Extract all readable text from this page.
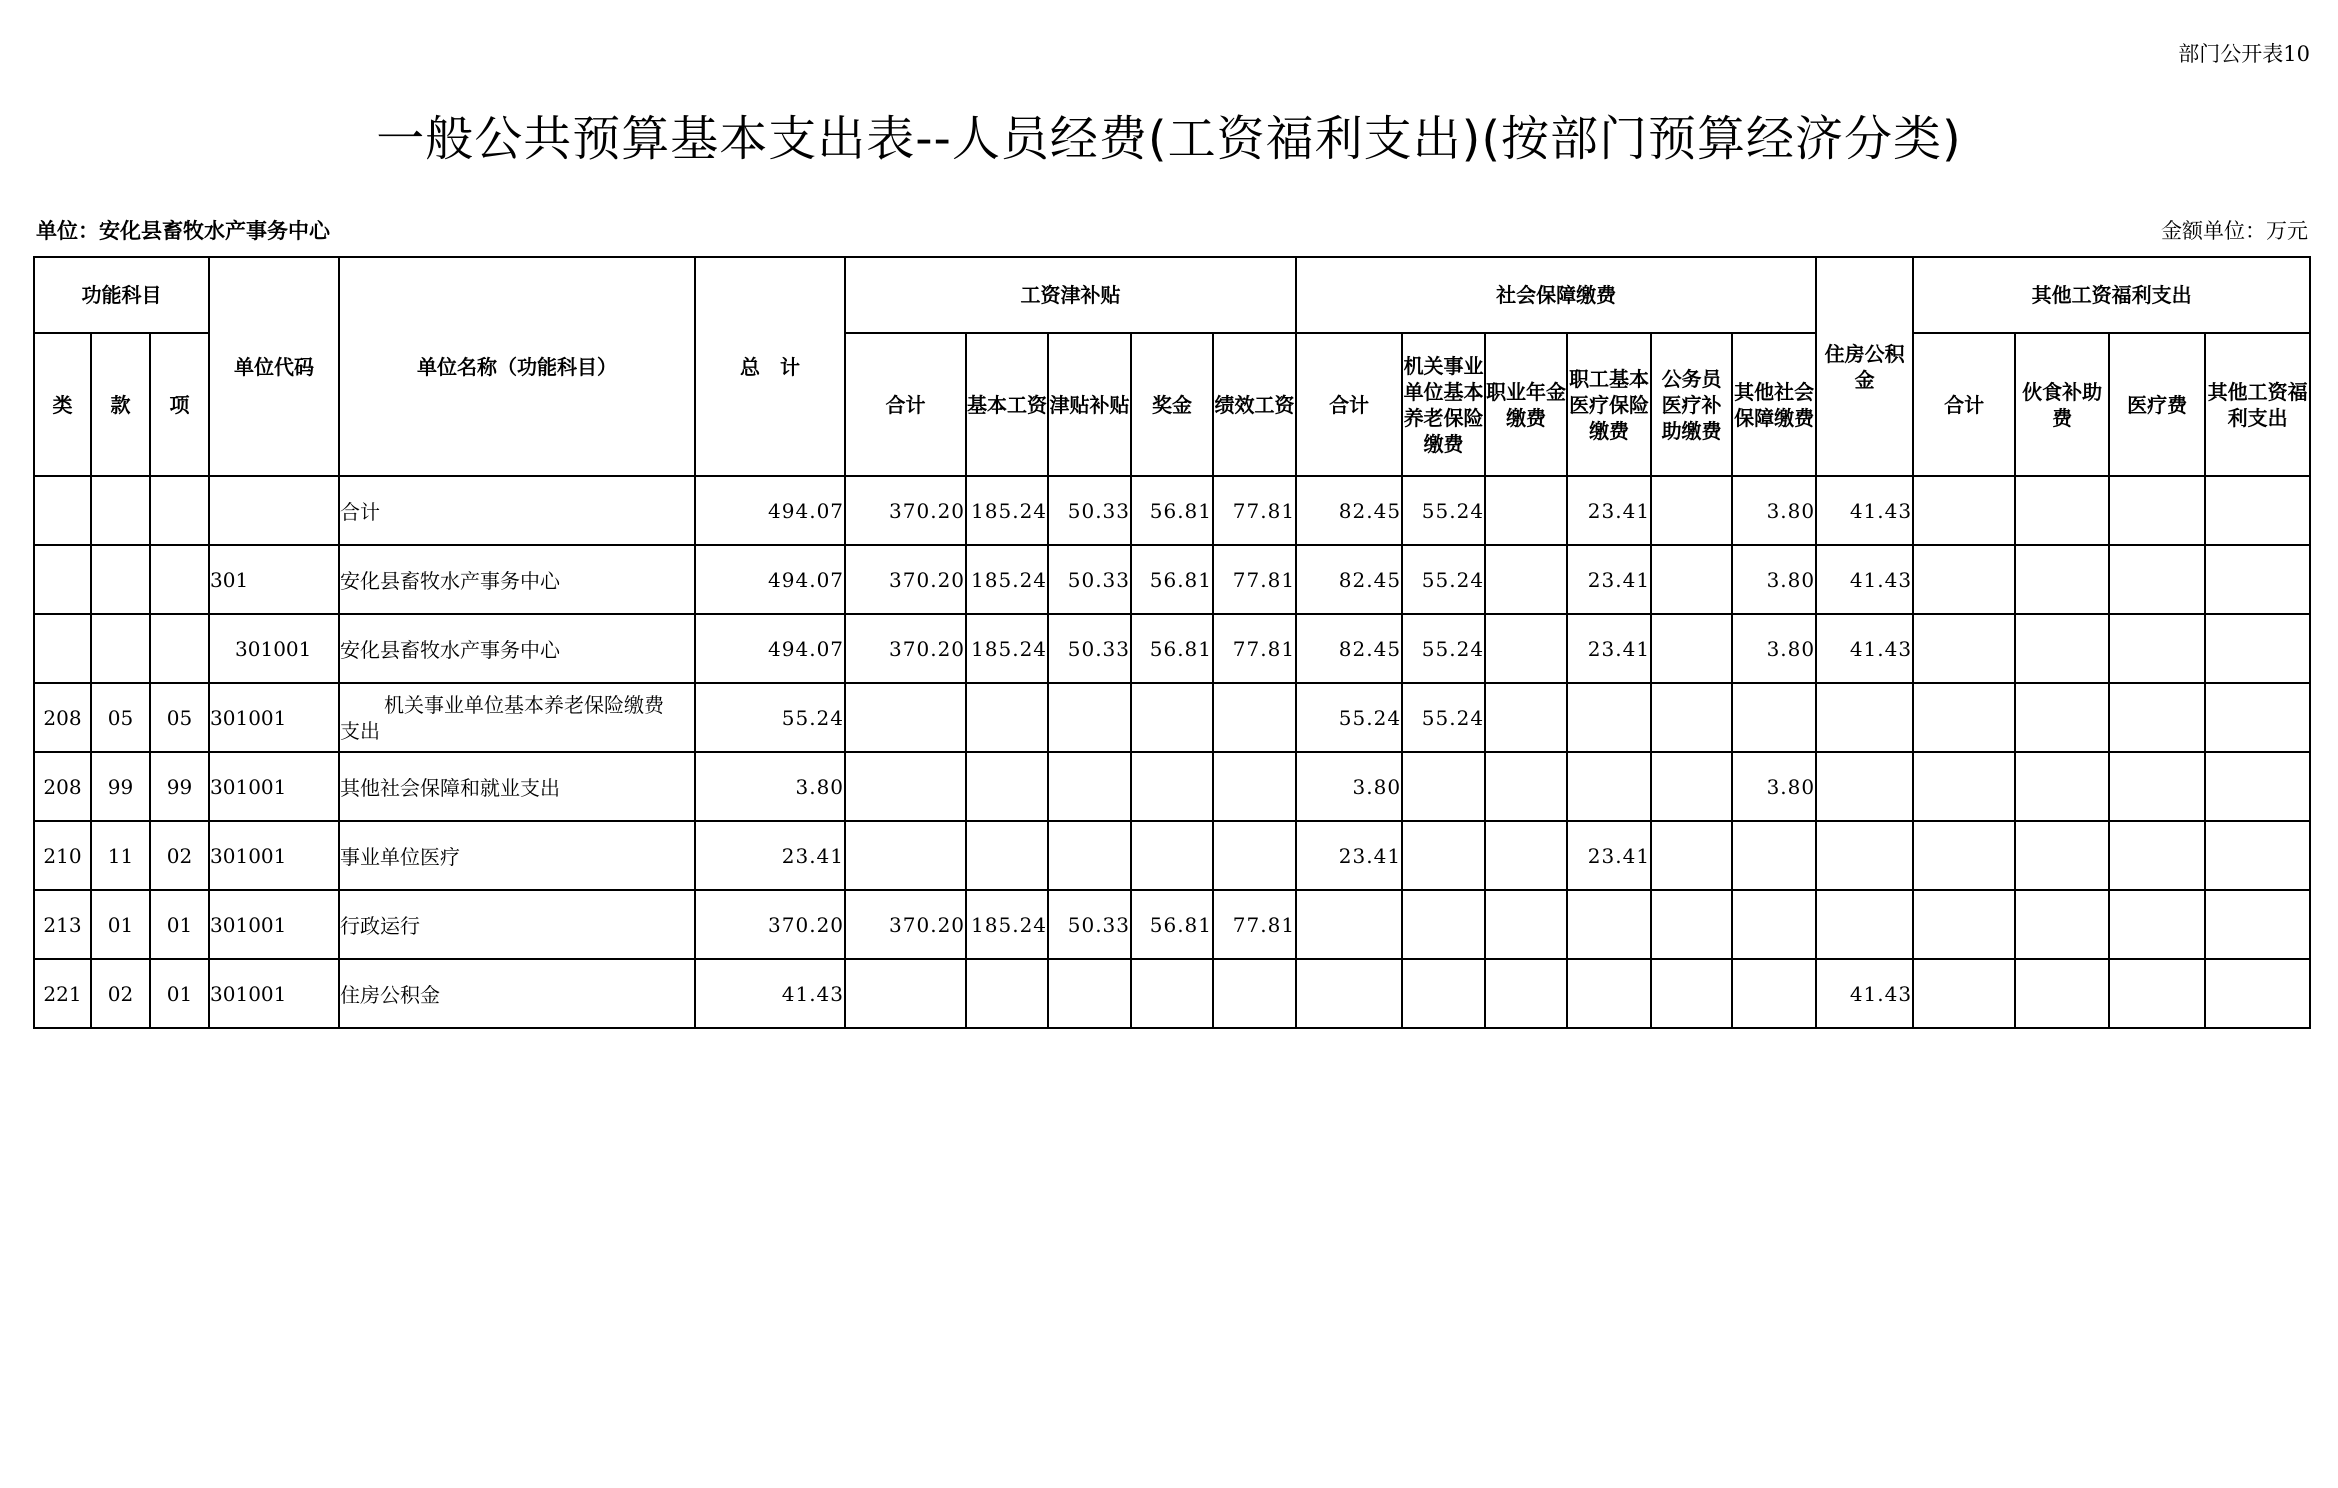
部门公开表10
一般公共预算基本支出表--人员经费(工资福利支出)(按部门预算经济分类)
单位：安化县畜牧水产事务中心	金额单位：万元
功能科目			单位代码	单位名称（功能科目）	总　计	工资津补贴					社会保障缴费						住房公积金	其他工资福利支出			
类	款	项				合计	基本工资	津贴补贴	奖金	绩效工资	合计	机关事业单位基本养老保险缴费	职业年金缴费	职工基本医疗保险缴费	公务员医疗补助缴费	其他社会保障缴费		合计	伙食补助费	医疗费	其他工资福利支出
				合计	494.07	370.20	185.24	50.33	56.81	77.81	82.45	55.24		23.41		3.80	41.43				
			301	安化县畜牧水产事务中心	494.07	370.20	185.24	50.33	56.81	77.81	82.45	55.24		23.41		3.80	41.43				
			301001	安化县畜牧水产事务中心	494.07	370.20	185.24	50.33	56.81	77.81	82.45	55.24		23.41		3.80	41.43				
208	05	05	301001	机关事业单位基本养老保险缴费
支出	55.24						55.24	55.24									
208	99	99	301001	其他社会保障和就业支出	3.80						3.80					3.80					
210	11	02	301001	事业单位医疗	23.41						23.41			23.41							
213	01	01	301001	行政运行	370.20	370.20	185.24	50.33	56.81	77.81											
221	02	01	301001	住房公积金	41.43												41.43				
